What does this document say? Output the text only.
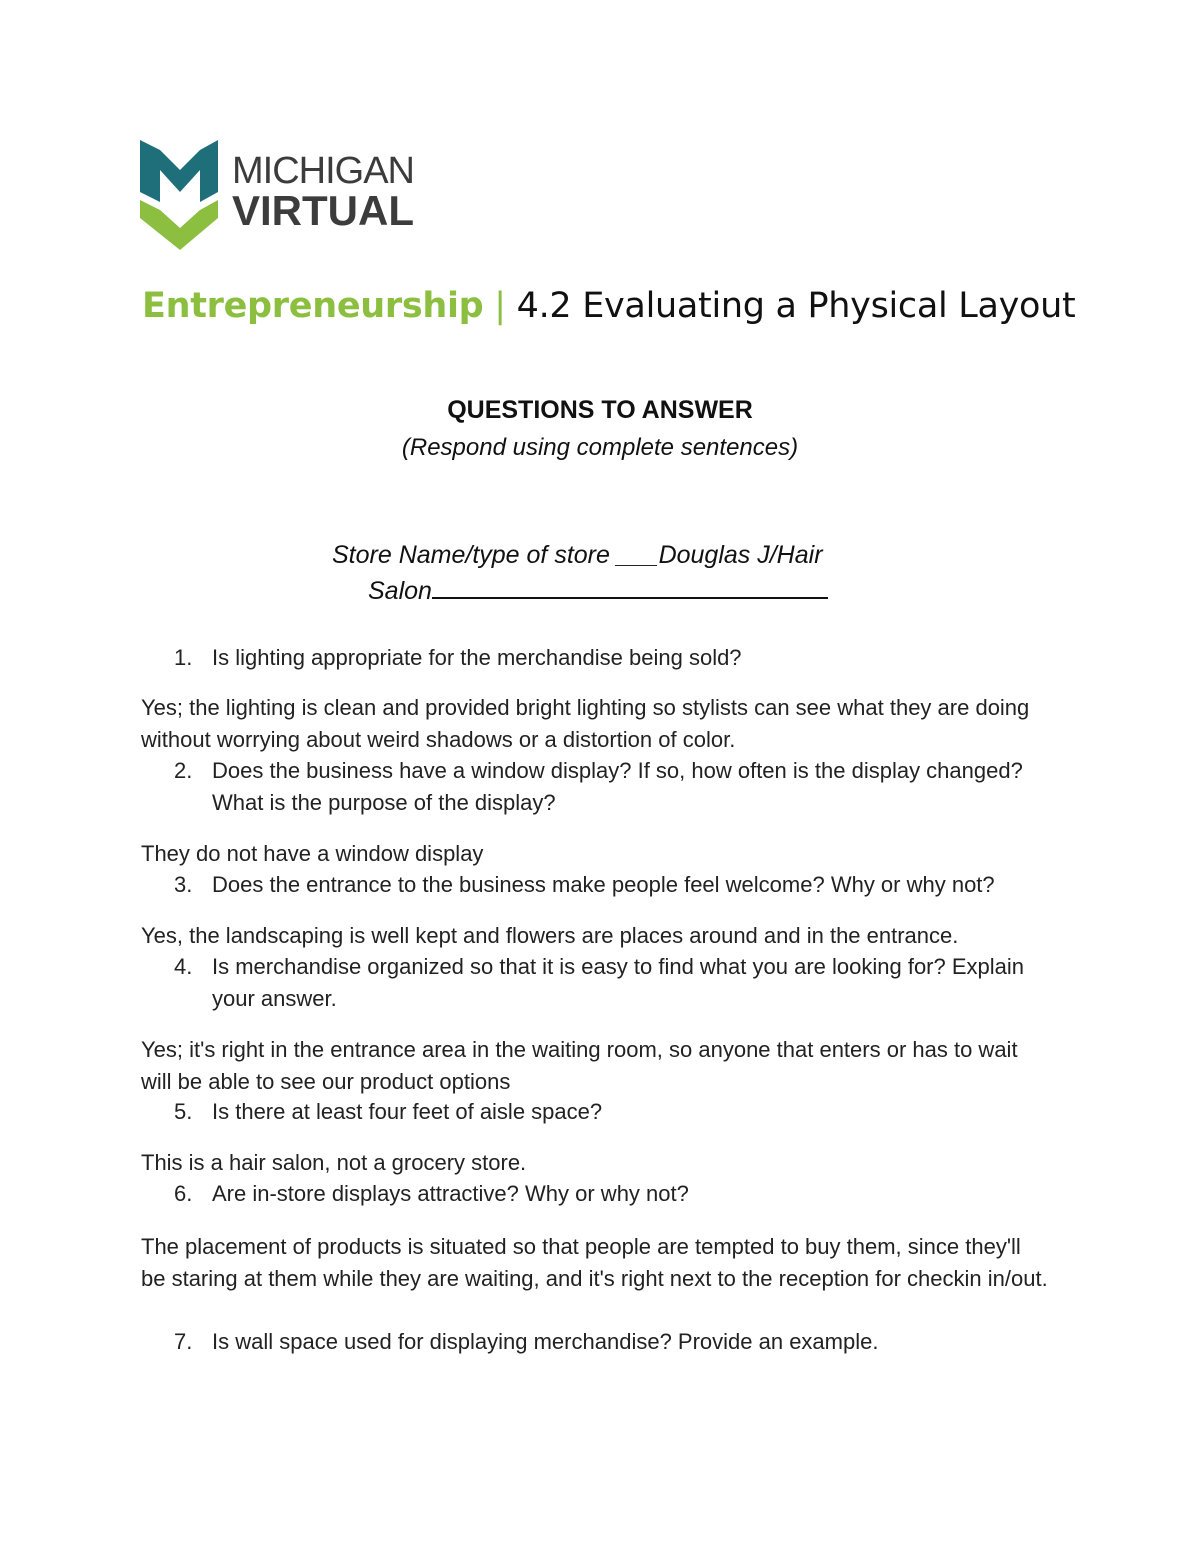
MICHIGAN
VIRTUAL
Entrepreneurship | 4.2 Evaluating a Physical Layout
QUESTIONS TO ANSWER
(Respond using complete sentences)
Store Name/type of store ___Douglas J/Hair
Salon
1. Is lighting appropriate for the merchandise being sold?
Yes; the lighting is clean and provided bright lighting so stylists can see what they are doing without worrying about weird shadows or a distortion of color.
2. Does the business have a window display? If so, how often is the display changed? What is the purpose of the display?
They do not have a window display
3. Does the entrance to the business make people feel welcome? Why or why not?
Yes, the landscaping is well kept and flowers are places around and in the entrance.
4. Is merchandise organized so that it is easy to find what you are looking for? Explain your answer.
Yes; it's right in the entrance area in the waiting room, so anyone that enters or has to wait will be able to see our product options
5. Is there at least four feet of aisle space?
This is a hair salon, not a grocery store.
6. Are in-store displays attractive? Why or why not?
The placement of products is situated so that people are tempted to buy them, since they'll be staring at them while they are waiting, and it's right next to the reception for checkin in/out.
7. Is wall space used for displaying merchandise? Provide an example.
